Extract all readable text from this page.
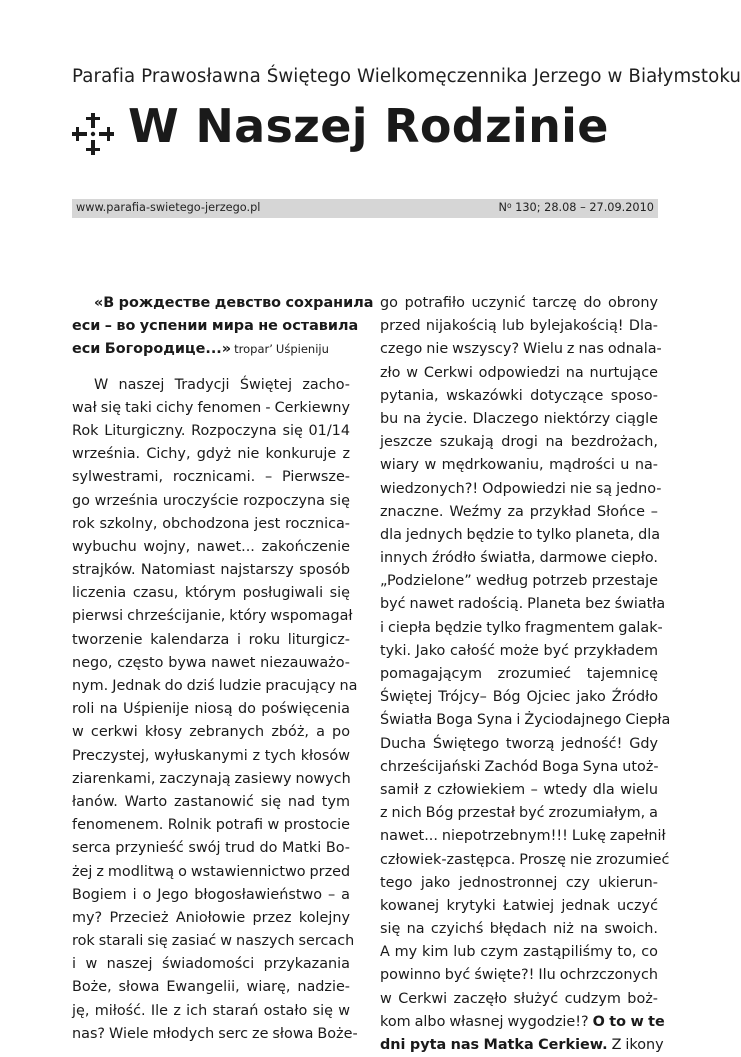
Parafia Prawosławna Świętego Wielkomęczennika Jerzego w Białymstoku
W Naszej Rodzinie
www.parafia-swietego-jerzego.pl	$N^o$ 130; 28.08 – 27.09.2010
«В рождестве девство сохранила
еси – во успении мира не оставила
еси Богородице...» tropar’ Uśpieniju
W naszej Tradycji Świętej zacho-
wał się taki cichy fenomen - Cerkiewny
Rok Liturgiczny. Rozpoczyna się 01/14
września. Cichy, gdyż nie konkuruje z
sylwestrami, rocznicami. – Pierwsze-
go września uroczyście rozpoczyna się
rok szkolny, obchodzona jest rocznica-
wybuchu wojny, nawet... zakończenie
strajków. Natomiast najstarszy sposób
liczenia czasu, którym posługiwali się
pierwsi chrześcijanie, który wspomagał
tworzenie kalendarza i roku liturgicz-
nego, często bywa nawet niezauważo-
nym. Jednak do dziś ludzie pracujący na
roli na Uśpienije niosą do poświęcenia
w cerkwi kłosy zebranych zbóż, a po
Preczystej, wyłuskanymi z tych kłosów
ziarenkami, zaczynają zasiewy nowych
łanów. Warto zastanowić się nad tym
fenomenem. Rolnik potrafi w prostocie
serca przynieść swój trud do Matki Bo-
żej z modlitwą o wstawiennictwo przed
Bogiem i o Jego błogosławieństwo – a
my? Przecież Aniołowie przez kolejny
rok starali się zasiać w naszych sercach
i w naszej świadomości przykazania
Boże, słowa Ewangelii, wiarę, nadzie-
ję, miłość. Ile z ich starań ostało się w
nas? Wiele młodych serc ze słowa Boże-
go potrafiło uczynić tarczę do obrony
przed nijakością lub bylejakością! Dla-
czego nie wszyscy? Wielu z nas odnala-
zło w Cerkwi odpowiedzi na nurtujące
pytania, wskazówki dotyczące sposo-
bu na życie. Dlaczego niektórzy ciągle
jeszcze szukają drogi na bezdrożach,
wiary w mędrkowaniu, mądrości u na-
wiedzonych?! Odpowiedzi nie są jedno-
znaczne. Weźmy za przykład Słońce –
dla jednych będzie to tylko planeta, dla
innych źródło światła, darmowe ciepło.
„Podzielone” według potrzeb przestaje
być nawet radością. Planeta bez światła
i ciepła będzie tylko fragmentem galak-
tyki. Jako całość może być przykładem
pomagającym zrozumieć tajemnicę
Świętej Trójcy– Bóg Ojciec jako Źródło
Światła Boga Syna i Życiodajnego Ciepła
Ducha Świętego tworzą jedność! Gdy
chrześcijański Zachód Boga Syna utoż-
samił z człowiekiem – wtedy dla wielu
z nich Bóg przestał być zrozumiałym, a
nawet... niepotrzebnym!!! Lukę zapełnił
człowiek-zastępca. Proszę nie zrozumieć
tego jako jednostronnej czy ukierun-
kowanej krytyki Łatwiej jednak uczyć
się na czyichś błędach niż na swoich.
A my kim lub czym zastąpiliśmy to, co
powinno być święte?! Ilu ochrzczonych
w Cerkwi zaczęło służyć cudzym boż-
kom albo własnej wygodzie!? O to w te
dni pyta nas Matka Cerkiew. Z ikony
